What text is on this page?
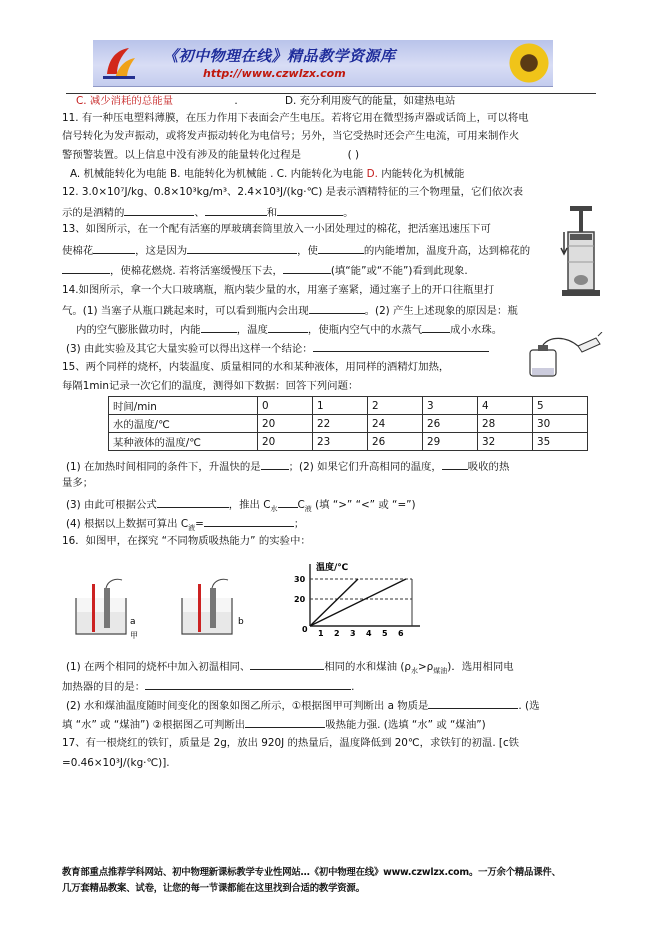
《初中物理在线》精品教学资源库
http://www.czwlzx.com
C. 减少消耗的总能量	.	D. 充分利用废气的能量，如建热电站
11. 有一种压电塑料薄膜，在压力作用下表面会产生电压。若将它用在微型扬声器或话筒上，可以将电
信号转化为发声振动，或将发声振动转化为电信号；另外，当它受热时还会产生电流，可用来制作火
警预警装置。以上信息中没有涉及的能量转化过程是	( )
A. 机械能转化为电能 B. 电能转化为机械能 . C. 内能转化为电能 D. 内能转化为机械能
12. 3.0×10⁷J/kg、0.8×10³kg/m³、2.4×10³J/(kg·℃) 是表示酒精特征的三个物理量，它们依次表
示的是酒精的	、	和	。
13、如图所示，在一个配有活塞的厚玻璃套筒里放入一小团处理过的棉花，把活塞迅速压下可
使棉花	，这是因为	，使	的内能增加，温度升高，达到棉花的
，使棉花燃烧. 若将活塞缓慢压下去，	(填“能”或“不能”)看到此现象.
14.如图所示，拿一个大口玻璃瓶，瓶内装少量的水，用塞子塞紧，通过塞子上的开口往瓶里打
气。(1) 当塞子从瓶口跳起来时，可以看到瓶内会出现	。(2) 产生上述现象的原因是：瓶
内的空气膨胀做功时，内能	，温度	，使瓶内空气中的水蒸气	成小水珠。
(3) 由此实验及其它大量实验可以得出这样一个结论：
15、两个同样的烧杯，内装温度、质量相同的水和某种液体，用同样的酒精灯加热，
每隔1min记录一次它们的温度，测得如下数据：回答下列问题：
时间/min	0	1	2	3	4	5
水的温度/℃	20	22	24	26	28	30
某种液体的温度/℃	20	23	26	29	32	35
(1) 在加热时间相同的条件下，升温快的是	；(2) 如果它们升高相同的温度，	吸收的热
量多；
(3) 由此可根据公式	，推出 $C_水$ $C_液$ (填 “>” “<” 或 “=”)
(4) 根据以上数据可算出 $C_液=$	；
16．如图甲，在探究 “不同物质吸热能力” 的实验中：
a
甲
b
温度/℃
30
20
0 1 2 3 4 5 6
(1) 在两个相同的烧杯中加入初温相同、	相同的水和煤油 $(\rho_水>\rho_{煤油})$．选用相同电
加热器的目的是：	.
(2) 水和煤油温度随时间变化的图象如图乙所示，①根据图甲可判断出 a 物质是	. (选
填 “水” 或 “煤油”) ②根据图乙可判断出	吸热能力强. (选填 “水” 或 “煤油”)
17、有一根烧红的铁钉，质量是 2g，放出 920J 的热量后，温度降低到 20℃，求铁钉的初温. [c铁
=0.46×10³J/(kg·℃)].
教育部重点推荐学科网站、初中物理新课标教学专业性网站…《初中物理在线》www.czwlzx.com。一万余个精品课件、
几万套精品教案、试卷，让您的每一节课都能在这里找到合适的教学资源。
